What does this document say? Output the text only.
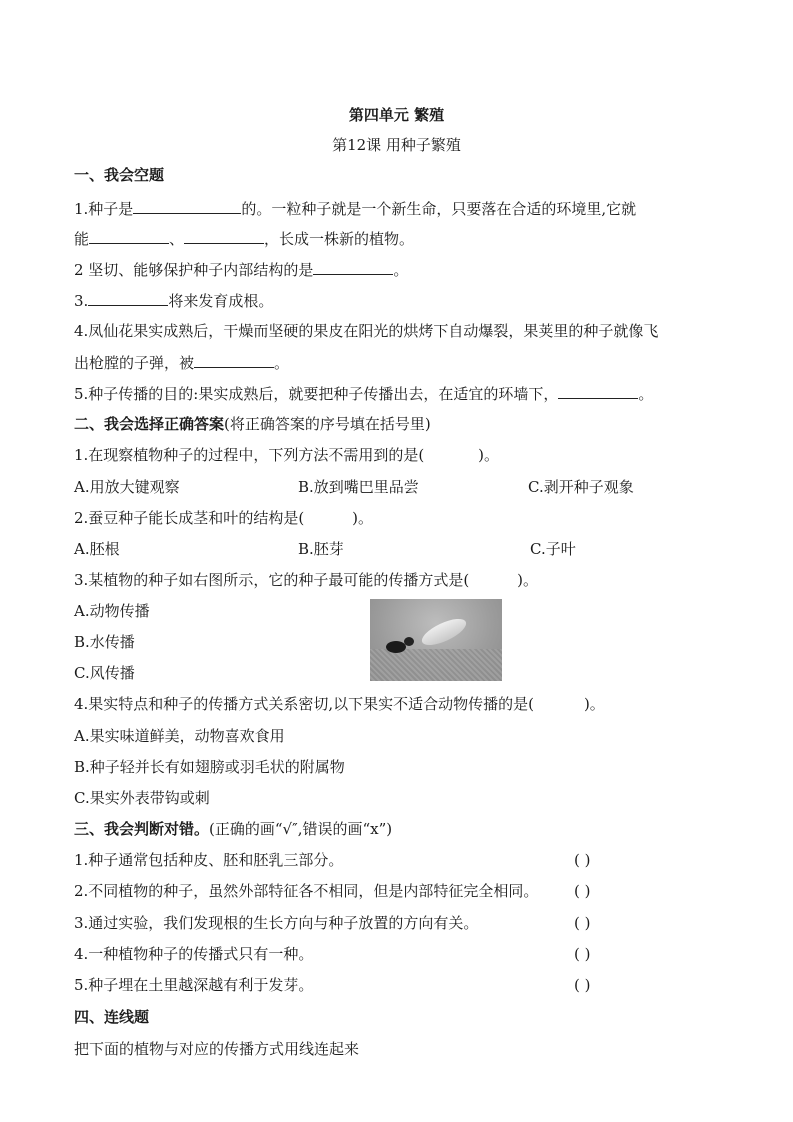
第四单元 繁殖
第12课 用种子繁殖
一、我会空题
1.种子是	的。一粒种子就是一个新生命，只要落在合适的环境里,它就
能	、	，长成一株新的植物。
2 坚切、能够保护种子内部结构的是	。
3.	将来发育成根。
4.凤仙花果实成熟后，干燥而坚硬的果皮在阳光的烘烤下自动爆裂，果荚里的种子就像飞
出枪膛的子弹，被	。
5.种子传播的目的:果实成熟后，就要把种子传播出去，在适宜的环墙下，	。
二、我会选择正确答案(将正确答案的序号填在括号里)
1.在现察植物种子的过程中，下列方法不需用到的是(	)。
A.用放大键观察	B.放到嘴巴里品尝	C.剥开种子观象
2.蚕豆种子能长成茎和叶的结构是(	)。
A.胚根	B.胚芽	C.子叶
3.某植物的种子如右图所示，它的种子最可能的传播方式是(	)。
A.动物传播
B.水传播
C.风传播
4.果实特点和种子的传播方式关系密切,以下果实不适合动物传播的是(	)。
A.果实味道鲜美，动物喜欢食用
B.种子轻并长有如翅膀或羽毛状的附属物
C.果实外表带钩或刺
三、我会判断对错。(正确的画“√″,错误的画“x”)
1.种子通常包括种皮、胚和胚乳三部分。	( )
2.不同植物的种子，虽然外部特征各不相同，但是内部特征完全相同。 ( )
3.通过实验，我们发现根的生长方向与种子放置的方向有关。	( )
4.一种植物种子的传播式只有一种。	( )
5.种子埋在土里越深越有利于发芽。	( )
四、连线题
把下面的植物与对应的传播方式用线连起来
